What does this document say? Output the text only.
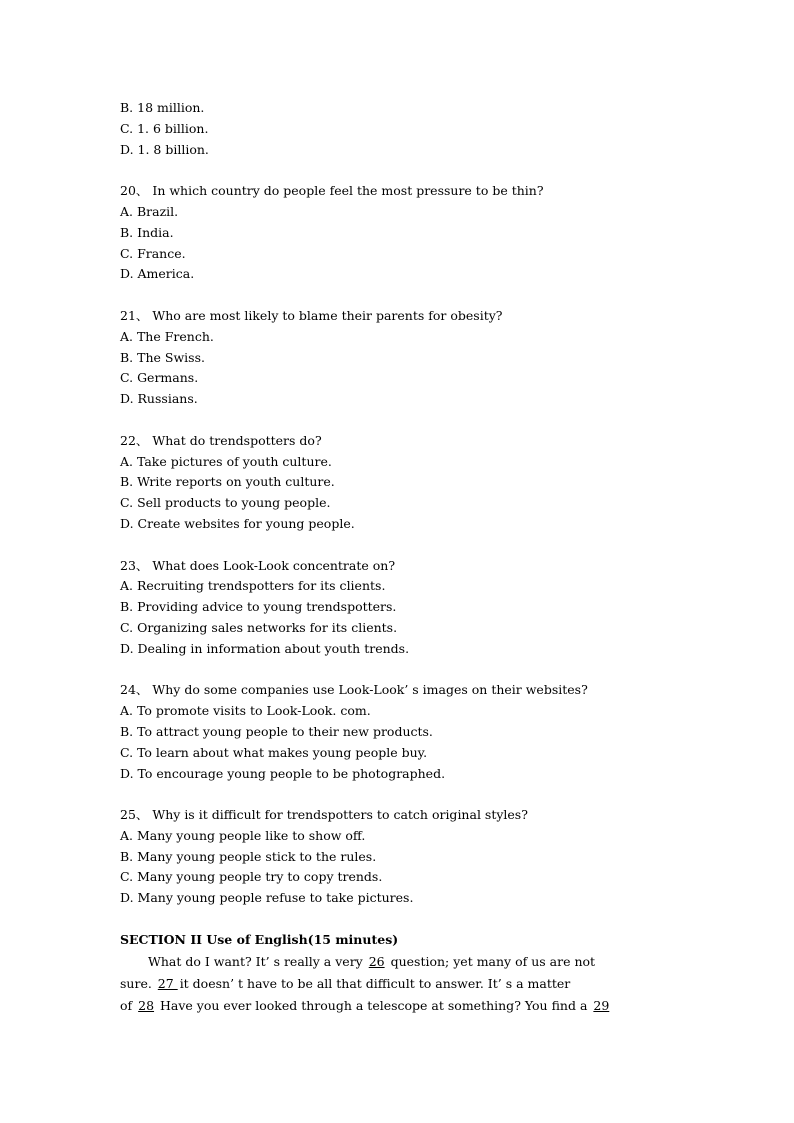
B. 18 million.
C. 1. 6 billion.
D. 1. 8 billion.
20、 In which country do people feel the most pressure to be thin?
A. Brazil.
B. India.
C. France.
D. America.
21、 Who are most likely to blame their parents for obesity?
A. The French.
B. The Swiss.
C. Germans.
D. Russians.
22、 What do trendspotters do?
A. Take pictures of youth culture.
B. Write reports on youth culture.
C. Sell products to young people.
D. Create websites for young people.
23、 What does Look-Look concentrate on?
A. Recruiting trendspotters for its clients.
B. Providing advice to young trendspotters.
C. Organizing sales networks for its clients.
D. Dealing in information about youth trends.
24、 Why do some companies use Look-Look’ s images on their websites?
A. To promote visits to Look-Look. com.
B. To attract young people to their new products.
C. To learn about what makes young people buy.
D. To encourage young people to be photographed.
25、 Why is it difficult for trendspotters to catch original styles?
A. Many young people like to show off.
B. Many young people stick to the rules.
C. Many young people try to copy trends.
D. Many young people refuse to take pictures.
SECTION II Use of English(15 minutes)
What do I want? It’ s really a very 26 question; yet many of us are not
sure. 27 it doesn’ t have to be all that difficult to answer. It’ s a matter
of 28 Have you ever looked through a telescope at something? You find a 29
